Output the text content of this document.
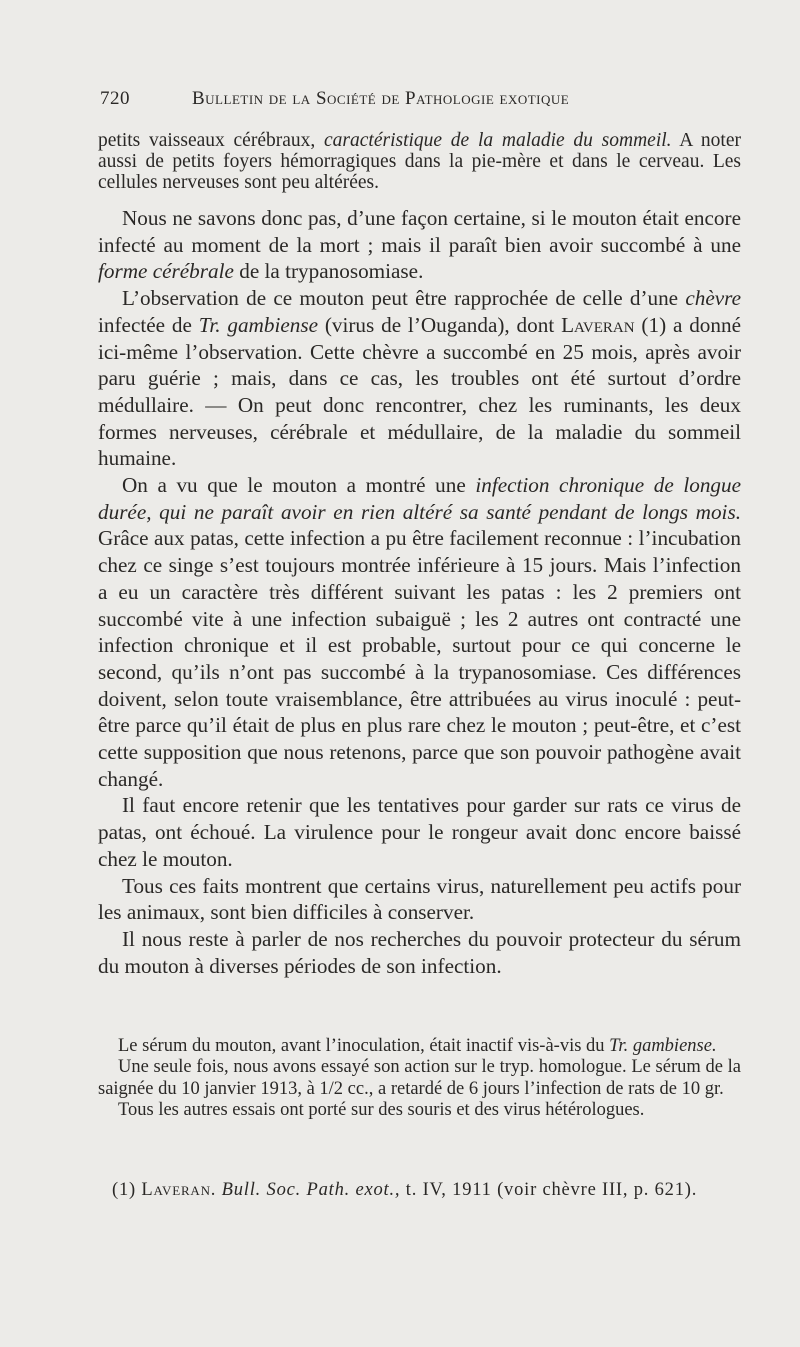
720	Bulletin de la Société de Pathologie exotique

petits vaisseaux cérébraux, caractéristique de la maladie du sommeil. A noter aussi de petits foyers hémorragiques dans la pie-mère et dans le cerveau. Les cellules nerveuses sont peu altérées.

Nous ne savons donc pas, d’une façon certaine, si le mouton était encore infecté au moment de la mort ; mais il paraît bien avoir succombé à une forme cérébrale de la trypanosomiase.

L’observation de ce mouton peut être rapprochée de celle d’une chèvre infectée de Tr. gambiense (virus de l’Ouganda), dont Laveran (1) a donné ici-même l’observation. Cette chèvre a succombé en 25 mois, après avoir paru guérie ; mais, dans ce cas, les troubles ont été surtout d’ordre médullaire. — On peut donc rencontrer, chez les ruminants, les deux formes nerveuses, cérébrale et médullaire, de la maladie du sommeil humaine.

On a vu que le mouton a montré une infection chronique de longue durée, qui ne paraît avoir en rien altéré sa santé pendant de longs mois. Grâce aux patas, cette infection a pu être facilement reconnue : l’incubation chez ce singe s’est toujours montrée inférieure à 15 jours. Mais l’infection a eu un caractère très différent suivant les patas : les 2 premiers ont succombé vite à une infection subaiguë ; les 2 autres ont contracté une infection chronique et il est probable, surtout pour ce qui concerne le second, qu’ils n’ont pas succombé à la trypanosomiase. Ces différences doivent, selon toute vraisemblance, être attribuées au virus inoculé : peut-être parce qu’il était de plus en plus rare chez le mouton ; peut-être, et c’est cette supposition que nous retenons, parce que son pouvoir pathogène avait changé.

Il faut encore retenir que les tentatives pour garder sur rats ce virus de patas, ont échoué. La virulence pour le rongeur avait donc encore baissé chez le mouton.

Tous ces faits montrent que certains virus, naturellement peu actifs pour les animaux, sont bien difficiles à conserver.

Il nous reste à parler de nos recherches du pouvoir protecteur du sérum du mouton à diverses périodes de son infection.

Le sérum du mouton, avant l’inoculation, était inactif vis-à-vis du Tr. gambiense.

Une seule fois, nous avons essayé son action sur le tryp. homologue. Le sérum de la saignée du 10 janvier 1913, à 1/2 cc., a retardé de 6 jours l’infection de rats de 10 gr.

Tous les autres essais ont porté sur des souris et des virus hétérologues.

(1) Laveran. Bull. Soc. Path. exot., t. IV, 1911 (voir chèvre III, p. 621).
